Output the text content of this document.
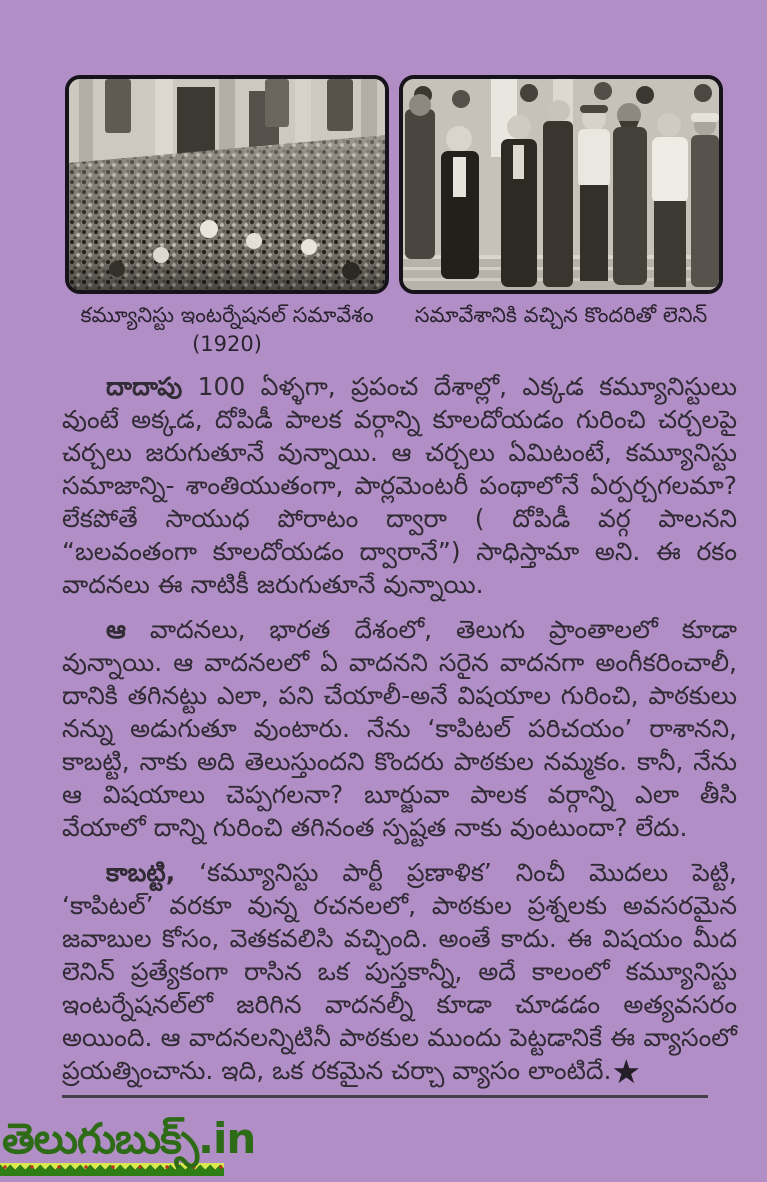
కమ్యూనిస్టు ఇంటర్నేషనల్ సమావేశం (1920)
సమావేశానికి వచ్చిన కొందరితో లెనిన్

దాదాపు 100 ఏళ్ళగా, ప్రపంచ దేశాల్లో, ఎక్కడ కమ్యూనిస్టులు వుంటే అక్కడ, దోపిడీ పాలక వర్గాన్ని కూలదోయడం గురించి చర్చలపై చర్చలు జరుగుతూనే వున్నాయి. ఆ చర్చలు ఏమిటంటే, కమ్యూనిస్టు సమాజాన్ని- శాంతియుతంగా, పార్లమెంటరీ పంథాలోనే ఏర్పర్చగలమా? లేకపోతే సాయుధ పోరాటం ద్వారా ( దోపిడీ వర్గ పాలనని “బలవంతంగా కూలదోయడం ద్వారానే”) సాధిస్తామా అని. ఈ రకం వాదనలు ఈ నాటికీ జరుగుతూనే వున్నాయి.

ఆ వాదనలు, భారత దేశంలో, తెలుగు ప్రాంతాలలో కూడా వున్నాయి. ఆ వాదనలలో ఏ వాదనని సరైన వాదనగా అంగీకరించాలీ, దానికి తగినట్టు ఎలా, పని చేయాలీ-అనే విషయాల గురించి, పాఠకులు నన్ను అడుగుతూ వుంటారు. నేను ‘కాపిటల్ పరిచయం’ రాశానని, కాబట్టి, నాకు అది తెలుస్తుందని కొందరు పాఠకుల నమ్మకం. కానీ, నేను ఆ విషయాలు చెప్పగలనా? బూర్జువా పాలక వర్గాన్ని ఎలా తీసి వేయాలో దాన్ని గురించి తగినంత స్పష్టత నాకు వుంటుందా? లేదు.

కాబట్టి, ‘కమ్యూనిస్టు పార్టీ ప్రణాళిక’ నించీ మొదలు పెట్టి, ‘కాపిటల్’ వరకూ వున్న రచనలలో, పాఠకుల ప్రశ్నలకు అవసరమైన జవాబుల కోసం, వెతకవలిసి వచ్చింది. అంతే కాదు. ఈ విషయం మీద లెనిన్ ప్రత్యేకంగా రాసిన ఒక పుస్తకాన్నీ, అదే కాలంలో కమ్యూనిస్టు ఇంటర్నేషనల్‌లో జరిగిన వాదనల్నీ కూడా చూడడం అత్యవసరం అయింది. ఆ వాదనలన్నిటినీ పాఠకుల ముందు పెట్టడానికే ఈ వ్యాసంలో ప్రయత్నించాను. ఇది, ఒక రకమైన చర్చా వ్యాసం లాంటిదే.★

తెలుగుబుక్స్.in
